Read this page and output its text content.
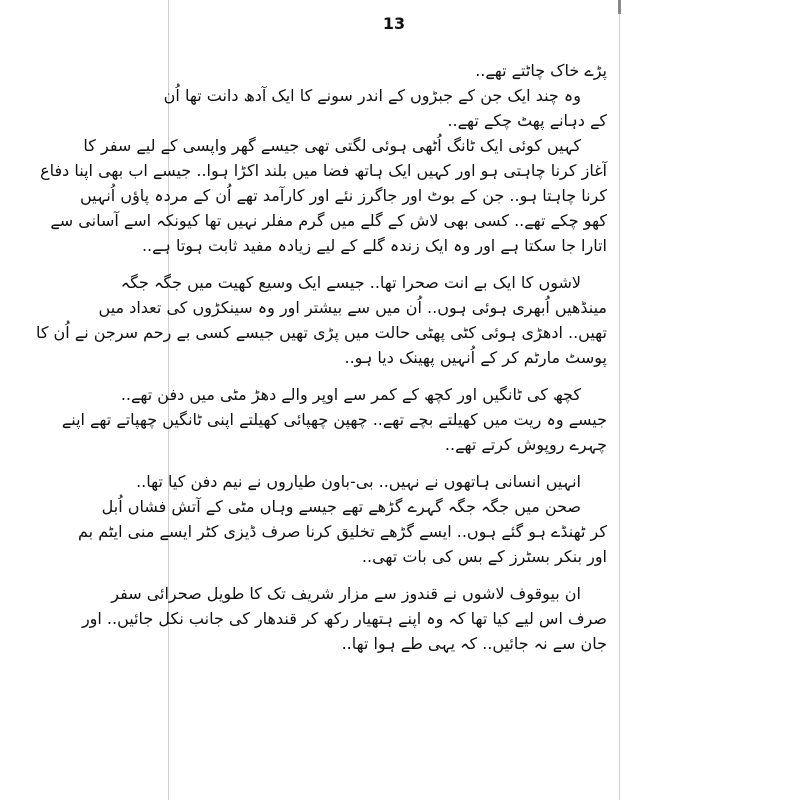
13
پڑے خاک چاٹتے تھے..
وہ چند ایک جن کے جبڑوں کے اندر سونے کا ایک آدھ دانت تھا اُن
کے دہانے پھٹ چکے تھے..
کہیں کوئی ایک ٹانگ اُٹھی ہوئی لگتی تھی جیسے گھر واپسی کے لیے سفر کا
آغاز کرنا چاہتی ہو اور کہیں ایک ہاتھ فضا میں بلند اکڑا ہوا.. جیسے اب بھی اپنا دفاع
کرنا چاہتا ہو.. جن کے بوٹ اور جاگرز نئے اور کارآمد تھے اُن کے مردہ پاؤں اُنہیں
کھو چکے تھے.. کسی بھی لاش کے گلے میں گرم مفلر نہیں تھا کیونکہ اسے آسانی سے
اتارا جا سکتا ہے اور وہ ایک زندہ گلے کے لیے زیادہ مفید ثابت ہوتا ہے..
لاشوں کا ایک بے انت صحرا تھا.. جیسے ایک وسیع کھیت میں جگہ جگہ
مینڈھیں اُبھری ہوئی ہوں.. اُن میں سے بیشتر اور وہ سینکڑوں کی تعداد میں
تھیں.. ادھڑی ہوئی کٹی پھٹی حالت میں پڑی تھیں جیسے کسی بے رحم سرجن نے اُن کا
پوسٹ مارٹم کر کے اُنہیں پھینک دیا ہو..
کچھ کی ٹانگیں اور کچھ کے کمر سے اوپر والے دھڑ مٹی میں دفن تھے..
جیسے وہ ریت میں کھیلتے بچے تھے.. چھپن چھپائی کھیلتے اپنی ٹانگیں چھپاتے تھے اپنے
چہرے روپوش کرتے تھے..
انہیں انسانی ہاتھوں نے نہیں.. بی-باون طیاروں نے نیم دفن کیا تھا..
صحن میں جگہ جگہ گہرے گڑھے تھے جیسے وہاں مٹی کے آتش فشاں اُبل
کر ٹھنڈے ہو گئے ہوں.. ایسے گڑھے تخلیق کرنا صرف ڈیزی کٹر ایسے منی ایٹم بم
اور بنکر بسٹرز کے بس کی بات تھی..
ان بیوقوف لاشوں نے قندوز سے مزار شریف تک کا طویل صحرائی سفر
صرف اس لیے کیا تھا کہ وہ اپنے ہتھیار رکھ کر قندھار کی جانب نکل جائیں.. اور
جان سے نہ جائیں.. کہ یہی طے ہوا تھا..
